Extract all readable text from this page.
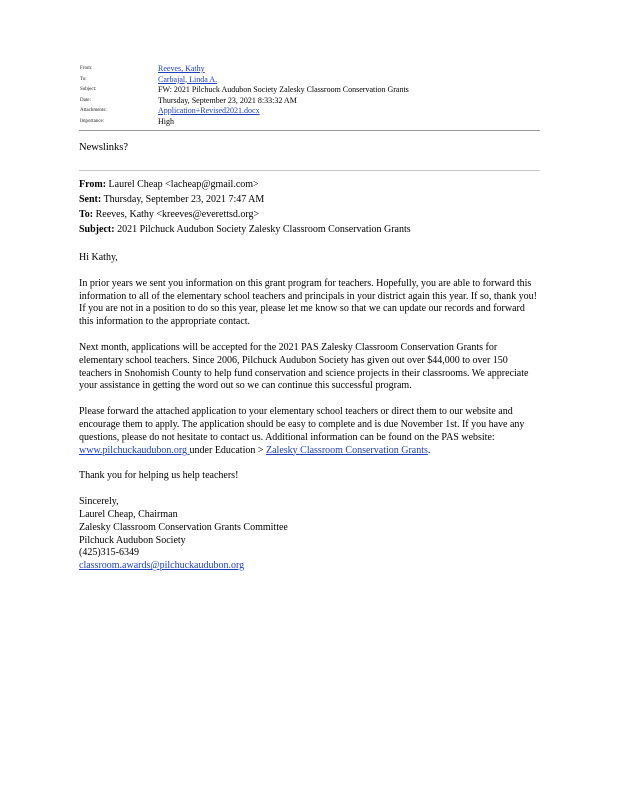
From:	Reeves, Kathy
To:	Carbajal, Linda A.
Subject:	FW: 2021 Pilchuck Audubon Society Zalesky Classroom Conservation Grants
Date:	Thursday, September 23, 2021 8:33:32 AM
Attachments:	Application+Revised2021.docx
Importance:	High
Newslinks?
From: Laurel Cheap <lacheap@gmail.com>
Sent: Thursday, September 23, 2021 7:47 AM
To: Reeves, Kathy <kreeves@everettsd.org>
Subject: 2021 Pilchuck Audubon Society Zalesky Classroom Conservation Grants

Hi Kathy,

In prior years we sent you information on this grant program for teachers. Hopefully, you are able to forward this information to all of the elementary school teachers and principals in your district again this year. If so, thank you! If you are not in a position to do so this year, please let me know so that we can update our records and forward this information to the appropriate contact.

Next month, applications will be accepted for the 2021 PAS Zalesky Classroom Conservation Grants for elementary school teachers. Since 2006, Pilchuck Audubon Society has given out over $44,000 to over 150 teachers in Snohomish County to help fund conservation and science projects in their classrooms. We appreciate your assistance in getting the word out so we can continue this successful program.

Please forward the attached application to your elementary school teachers or direct them to our website and encourage them to apply. The application should be easy to complete and is due November 1st. If you have any questions, please do not hesitate to contact us. Additional information can be found on the PAS website: www.pilchuckaudubon.org under Education > Zalesky Classroom Conservation Grants.

Thank you for helping us help teachers!

Sincerely,
Laurel Cheap, Chairman
Zalesky Classroom Conservation Grants Committee
Pilchuck Audubon Society
(425)315-6349
classroom.awards@pilchuckaudubon.org
